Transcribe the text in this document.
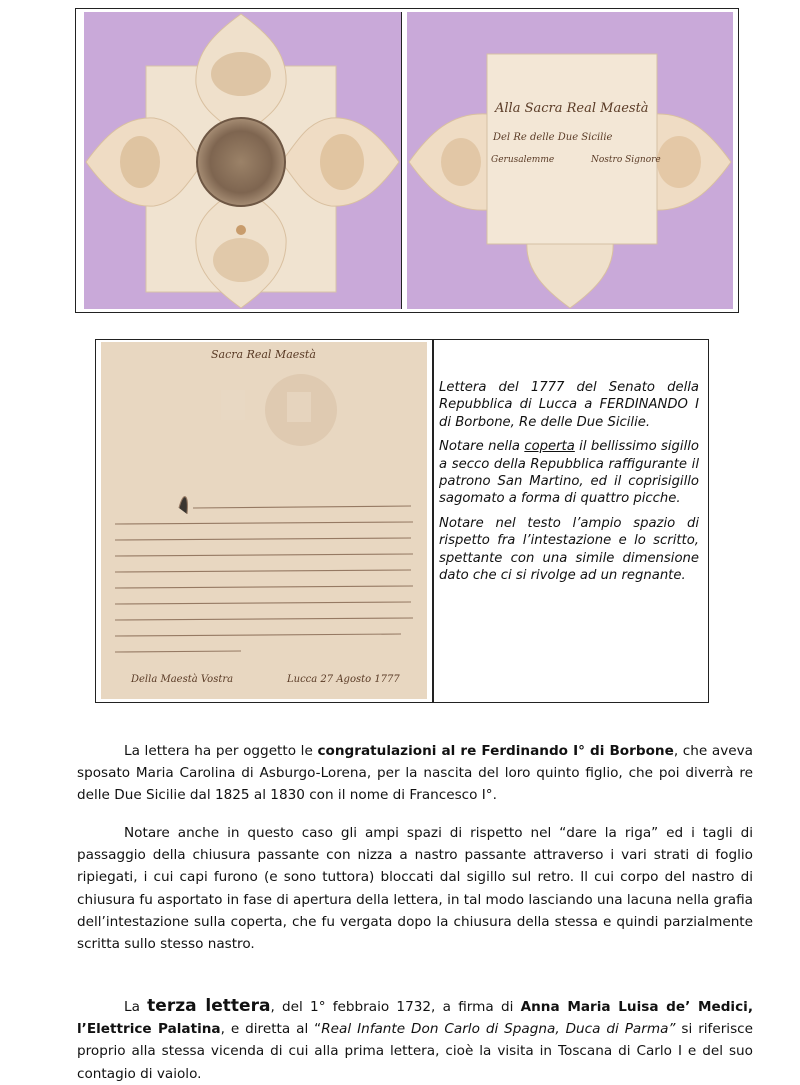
Alla Sacra Real Maestà
Del Re delle Due Sicilie
Gerusalemme	Nostro Signore
Sacra Real Maestà
Della Maestà Vostra	Lucca 27 Agosto 1777

Lettera del 1777 del Senato della Repubblica di Lucca a FERDINANDO I di Borbone, Re delle Due Sicilie.

Notare nella coperta il bellissimo sigillo a secco della Repubblica raffigurante il patrono San Martino, ed il coprisigillo sagomato a forma di quattro picche.

Notare nel testo l’ampio spazio di rispetto fra l’intestazione e lo scritto, spettante con una simile dimensione dato che ci si rivolge ad un regnante.

La lettera ha per oggetto le congratulazioni al re Ferdinando I° di Borbone, che aveva sposato Maria Carolina di Asburgo-Lorena, per la nascita del loro quinto figlio, che poi diverrà re delle Due Sicilie dal 1825 al 1830 con il nome di Francesco I°.
Notare anche in questo caso gli ampi spazi di rispetto nel “dare la riga” ed i tagli di passaggio della chiusura passante con nizza a nastro passante attraverso i vari strati di foglio ripiegati, i cui capi furono (e sono tuttora) bloccati dal sigillo sul retro. Il cui corpo del nastro di chiusura fu asportato in fase di apertura della lettera, in tal modo lasciando una lacuna nella grafia dell’intestazione sulla coperta, che fu vergata dopo la chiusura della stessa e quindi parzialmente scritta sullo stesso nastro.
La terza lettera, del 1° febbraio 1732, a firma di Anna Maria Luisa de’ Medici, l’Elettrice Palatina, e diretta al “Real Infante Don Carlo di Spagna, Duca di Parma” si riferisce proprio alla stessa vicenda di cui alla prima lettera, cioè la visita in Toscana di Carlo I e del suo contagio di vaiolo.
